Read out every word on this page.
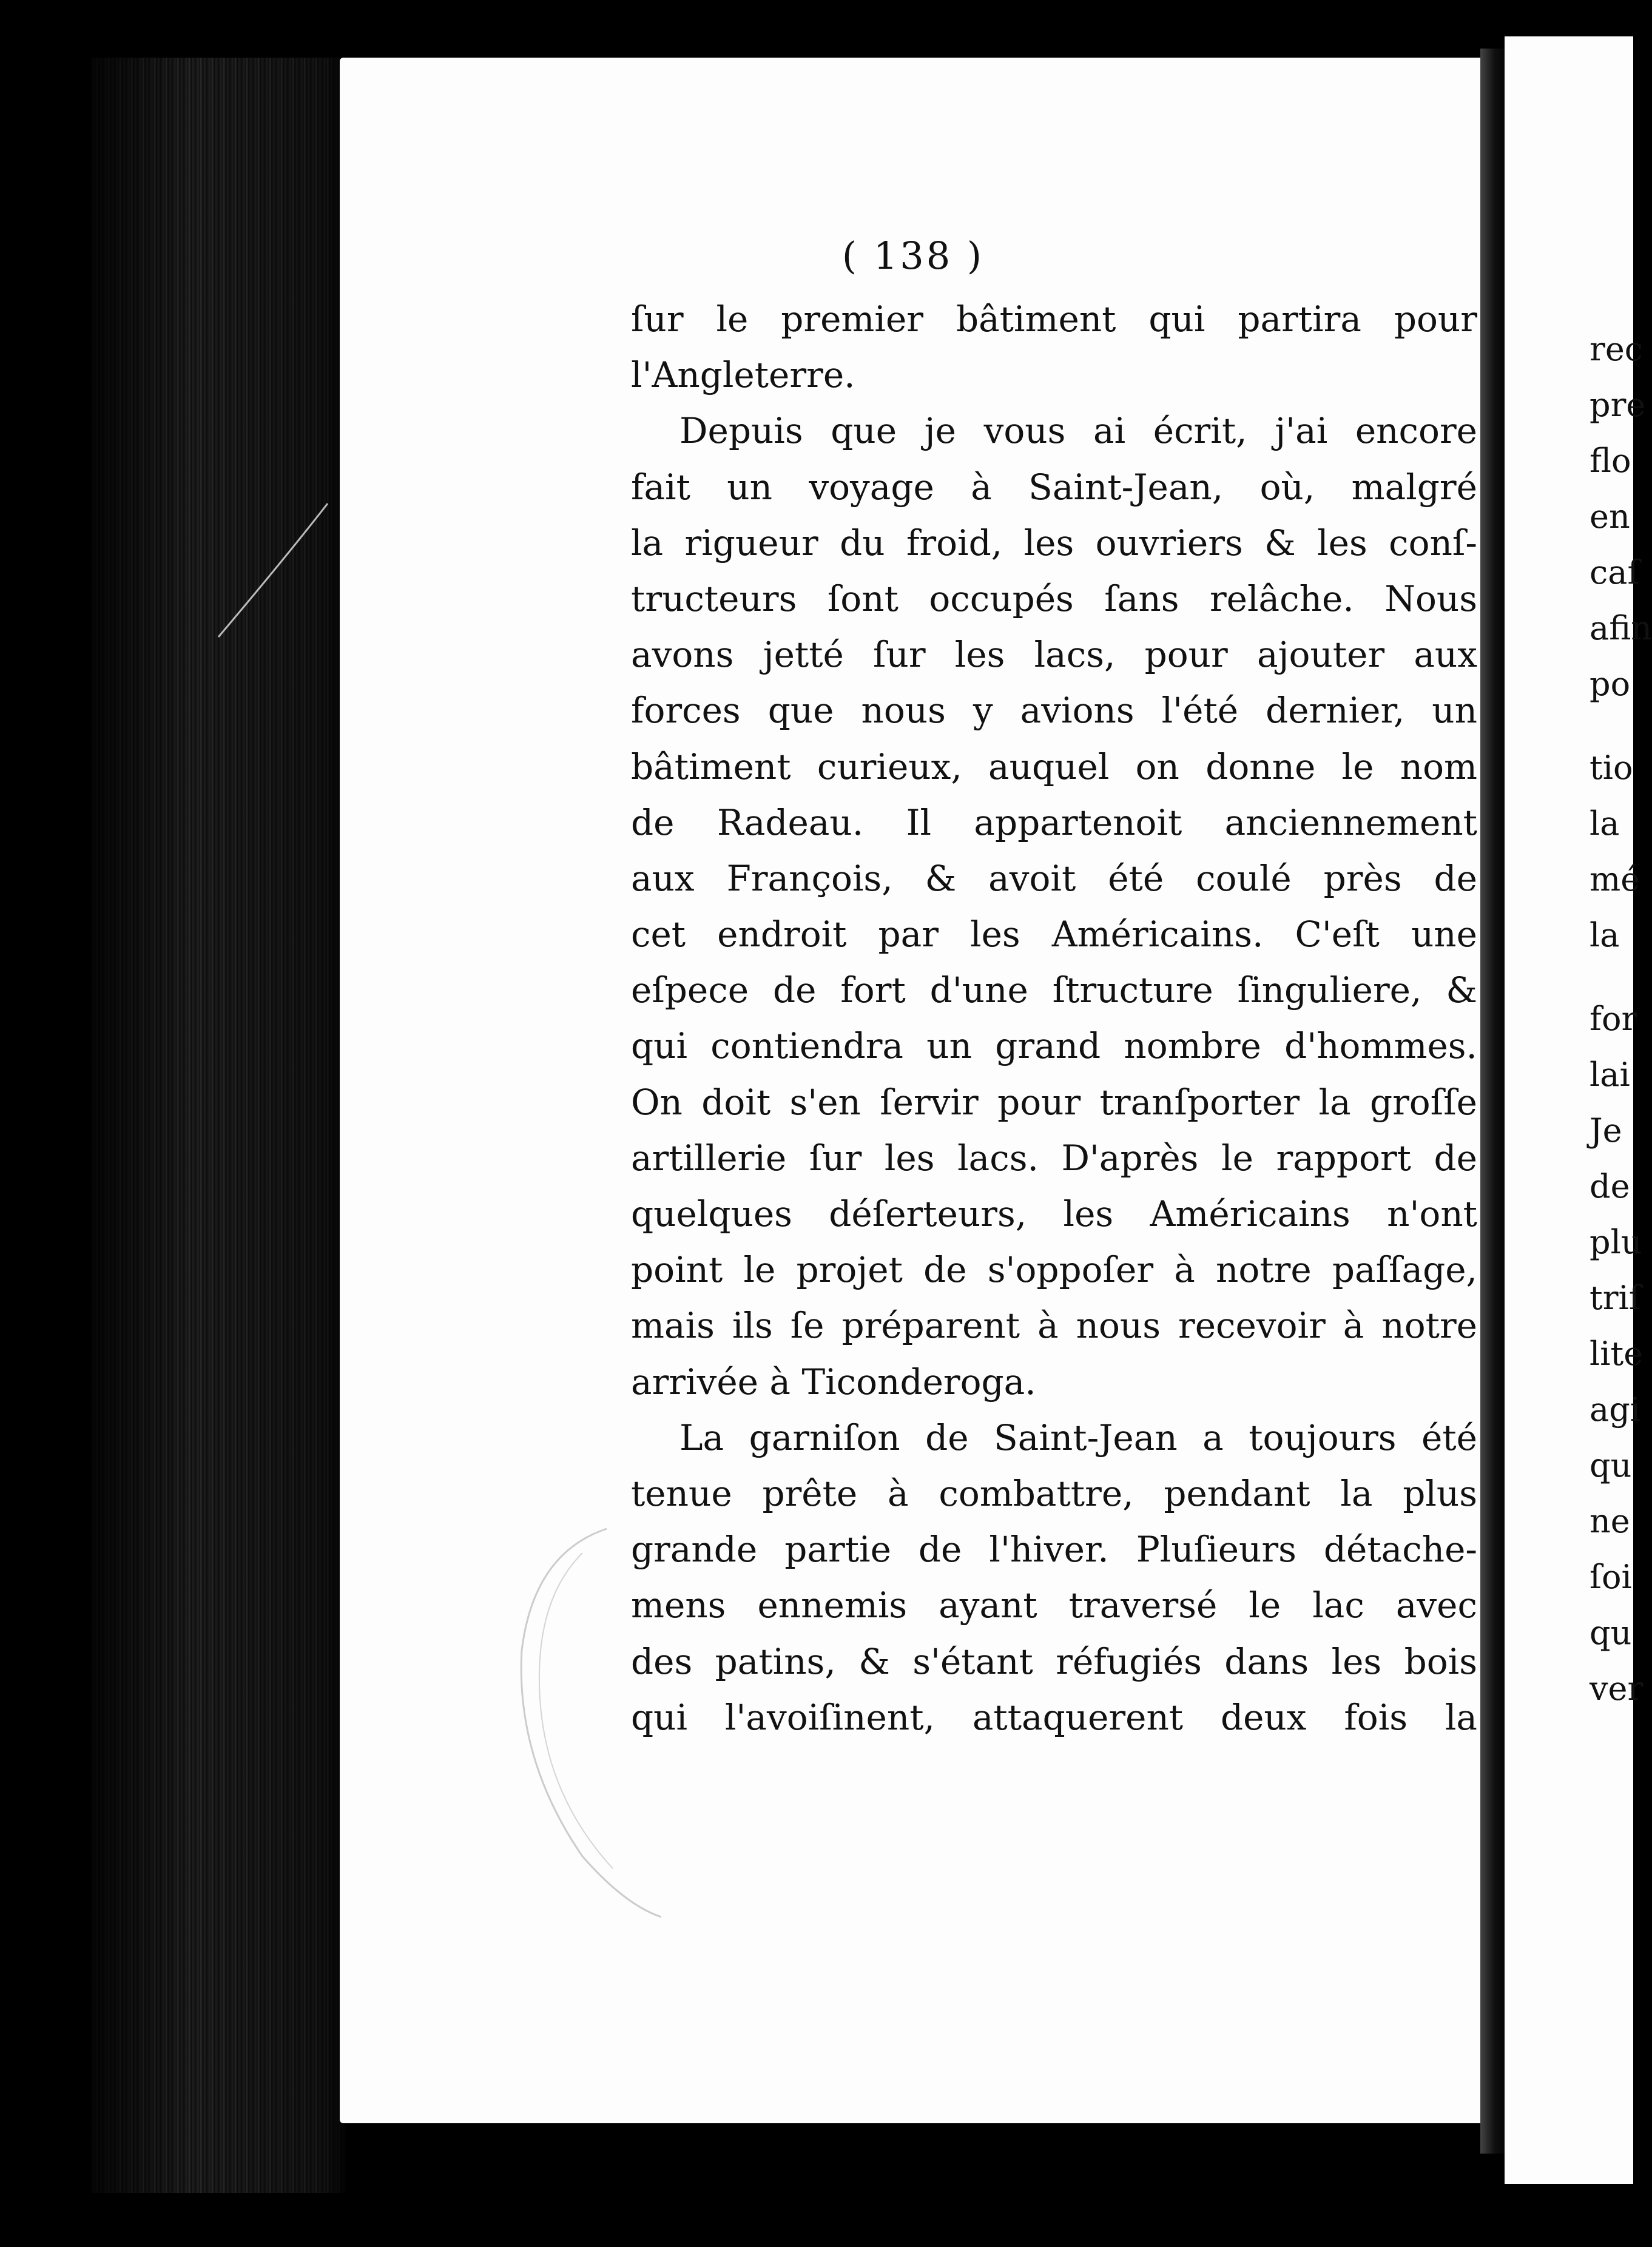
( 138 )
ſur le premier bâtiment qui partira pour
l'Angleterre.
Depuis que je vous ai écrit, j'ai encore
fait un voyage à Saint-Jean, où, malgré
la rigueur du froid, les ouvriers & les conſ-
tructeurs ſont occupés ſans relâche. Nous
avons jetté ſur les lacs, pour ajouter aux
forces que nous y avions l'été dernier, un
bâtiment curieux, auquel on donne le nom
de Radeau. Il appartenoit anciennement
aux François, & avoit été coulé près de
cet endroit par les Américains. C'eſt une
eſpece de fort d'une ſtructure ſinguliere, &
qui contiendra un grand nombre d'hommes.
On doit s'en ſervir pour tranſporter la groſſe
artillerie ſur les lacs. D'après le rapport de
quelques déſerteurs, les Américains n'ont
point le projet de s'oppoſer à notre paſſage,
mais ils ſe préparent à nous recevoir à notre
arrivée à Ticonderoga.
La garniſon de Saint-Jean a toujours été
tenue prête à combattre, pendant la plus
grande partie de l'hiver. Pluſieurs détache-
mens ennemis ayant traversé le lac avec
des patins, & s'étant réfugiés dans les bois
qui l'avoiſinent, attaquerent deux fois la
rec
pre
flo
en
caſ
afin
po
tio
la
mé
la
for
lai
Je
de
plu
triſ
lite
agi
qu
ne
ſoi
qu
ver
